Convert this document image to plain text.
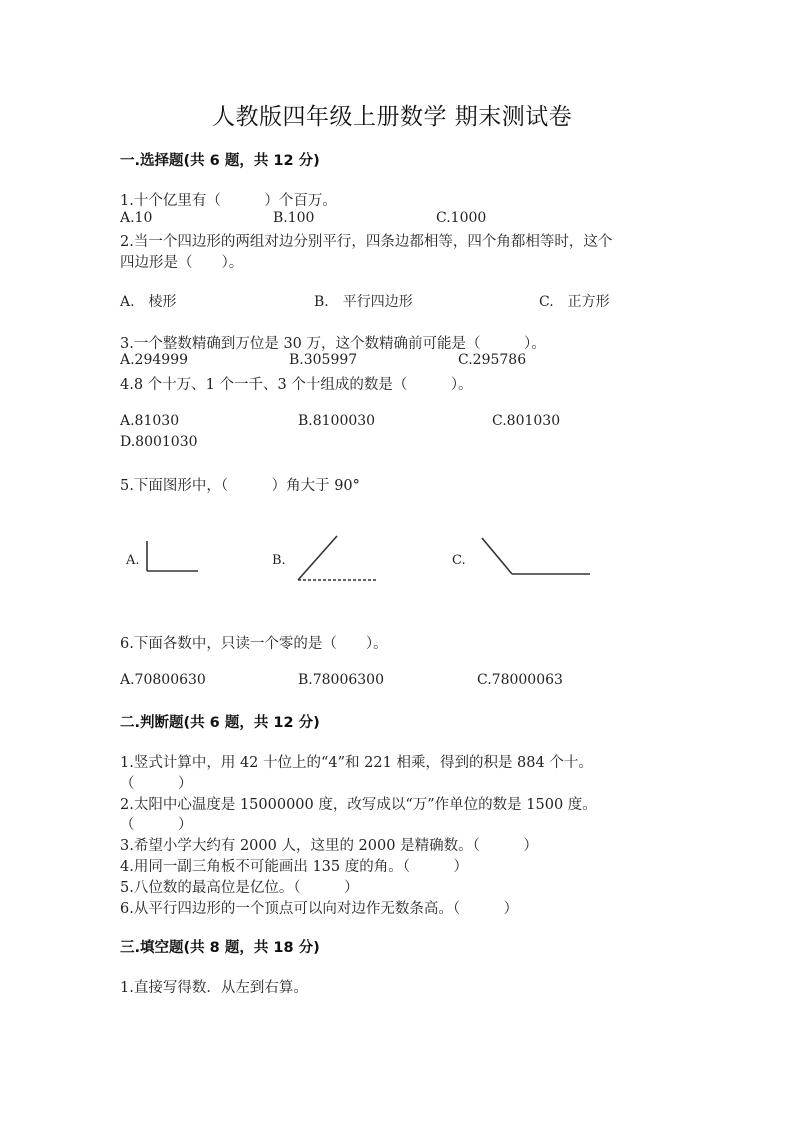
人教版四年级上册数学 期末测试卷
一.选择题(共 6 题，共 12 分)
1.十个亿里有（　　　）个百万。
A.10	B.100	C.1000
2.当一个四边形的两组对边分别平行，四条边都相等，四个角都相等时，这个
四边形是（　　）。
A.　棱形	B.　平行四边形	C.　正方形
3.一个整数精确到万位是 30 万，这个数精确前可能是（　　　）。
A.294999	B.305997	C.295786
4.8 个十万、1 个一千、3 个十组成的数是（　　　）。
A.81030	B.8100030	C.801030
D.8001030
5.下面图形中，（　　　）角大于 90°
A.	B.	C.
6.下面各数中，只读一个零的是（　　）。
A.70800630	B.78006300	C.78000063
二.判断题(共 6 题，共 12 分)
1.竖式计算中，用 42 十位上的“4”和 221 相乘，得到的积是 884 个十。
（　　　）
2.太阳中心温度是 15000000 度，改写成以“万”作单位的数是 1500 度。
（　　　）
3.希望小学大约有 2000 人，这里的 2000 是精确数。（　　　）
4.用同一副三角板不可能画出 135 度的角。（　　　）
5.八位数的最高位是亿位。（　　　）
6.从平行四边形的一个顶点可以向对边作无数条高。（　　　）
三.填空题(共 8 题，共 18 分)
1.直接写得数．从左到右算。
